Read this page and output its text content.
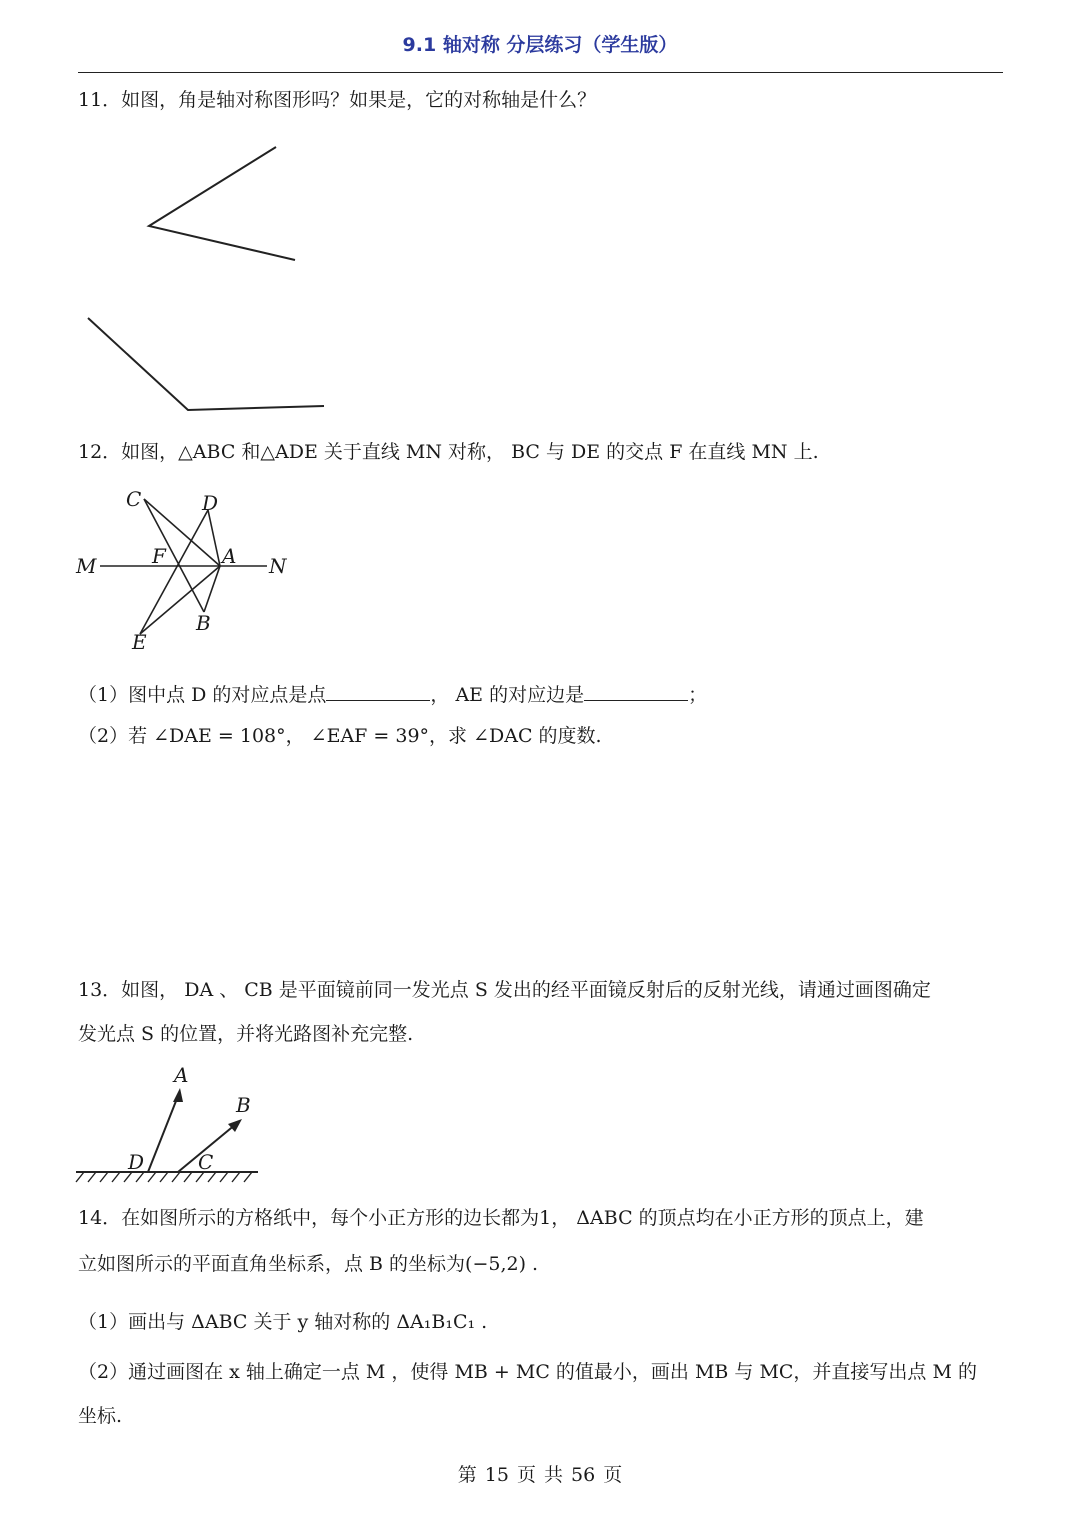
9.1 轴对称 分层练习（学生版）
11．如图，角是轴对称图形吗？如果是，它的对称轴是什么？
12．如图，△ABC 和△ADE 关于直线 MN 对称， BC 与 DE 的交点 F 在直线 MN 上.
C	D
M	F	A N
B
E
（1）图中点 D 的对应点是点	， AE 的对应边是	；
（2）若 ∠DAE = 108°， ∠EAF = 39°，求 ∠DAC 的度数.
13．如图， DA 、 CB 是平面镜前同一发光点 S 发出的经平面镜反射后的反射光线，请通过画图确定
发光点 S 的位置，并将光路图补充完整.
A
B
D	C
14．在如图所示的方格纸中，每个小正方形的边长都为1， ΔABC 的顶点均在小正方形的顶点上，建
立如图所示的平面直角坐标系，点 B 的坐标为(−5,2) .
（1）画出与 ΔABC 关于 y 轴对称的 ΔA₁B₁C₁ .
（2）通过画图在 x 轴上确定一点 M ，使得 MB + MC 的值最小，画出 MB 与 MC，并直接写出点 M 的
坐标.
第 15 页 共 56 页
